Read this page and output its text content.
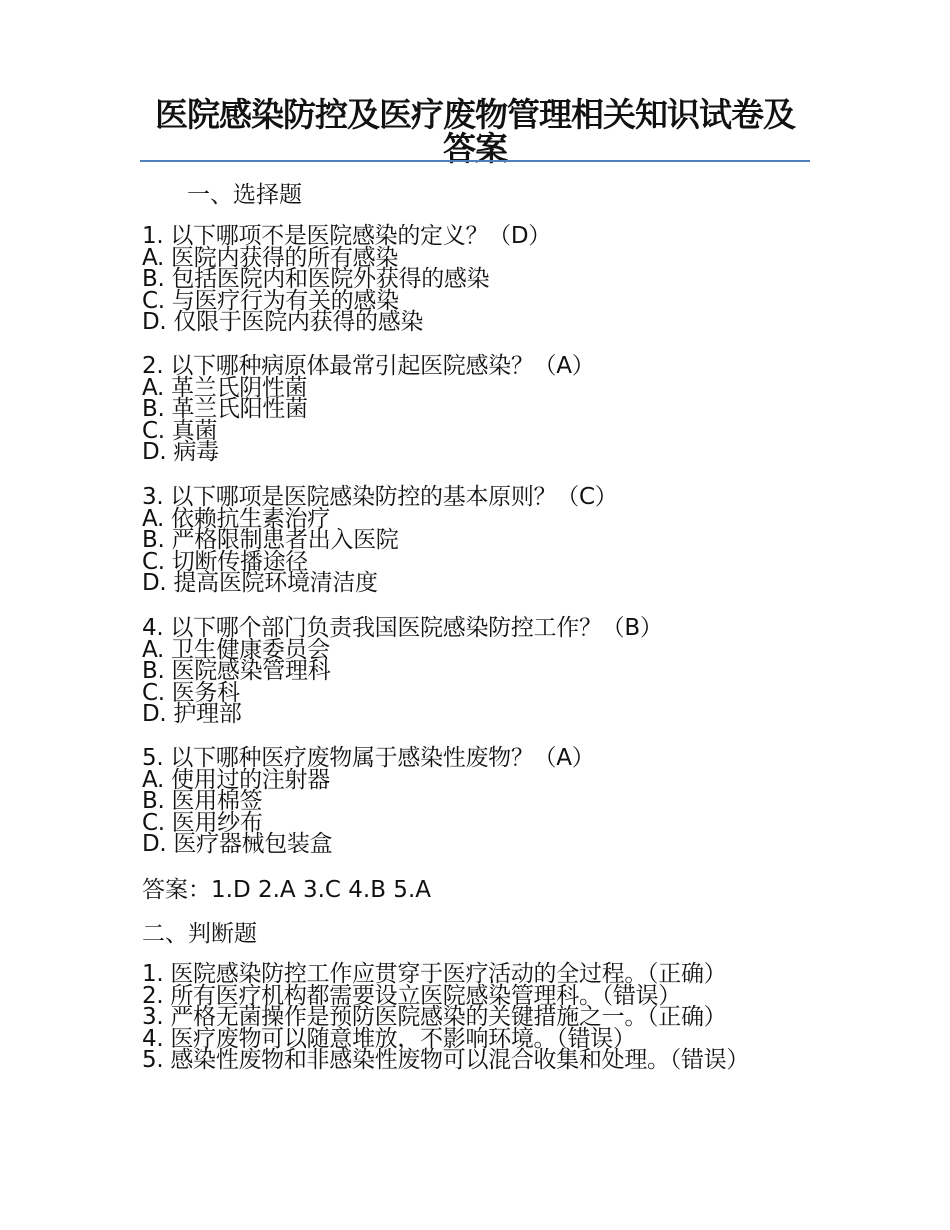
医院感染防控及医疗废物管理相关知识试卷及答案
一、选择题
1. 以下哪项不是医院感染的定义？（D）
A. 医院内获得的所有感染
B. 包括医院内和医院外获得的感染
C. 与医疗行为有关的感染
D. 仅限于医院内获得的感染
2. 以下哪种病原体最常引起医院感染？（A）
A. 革兰氏阴性菌
B. 革兰氏阳性菌
C. 真菌
D. 病毒
3. 以下哪项是医院感染防控的基本原则？（C）
A. 依赖抗生素治疗
B. 严格限制患者出入医院
C. 切断传播途径
D. 提高医院环境清洁度
4. 以下哪个部门负责我国医院感染防控工作？（B）
A. 卫生健康委员会
B. 医院感染管理科
C. 医务科
D. 护理部
5. 以下哪种医疗废物属于感染性废物？（A）
A. 使用过的注射器
B. 医用棉签
C. 医用纱布
D. 医疗器械包装盒
答案：1.D 2.A 3.C 4.B 5.A
二、判断题
1. 医院感染防控工作应贯穿于医疗活动的全过程。（正确）
2. 所有医疗机构都需要设立医院感染管理科。（错误）
3. 严格无菌操作是预防医院感染的关键措施之一。（正确）
4. 医疗废物可以随意堆放，不影响环境。（错误）
5. 感染性废物和非感染性废物可以混合收集和处理。（错误）
